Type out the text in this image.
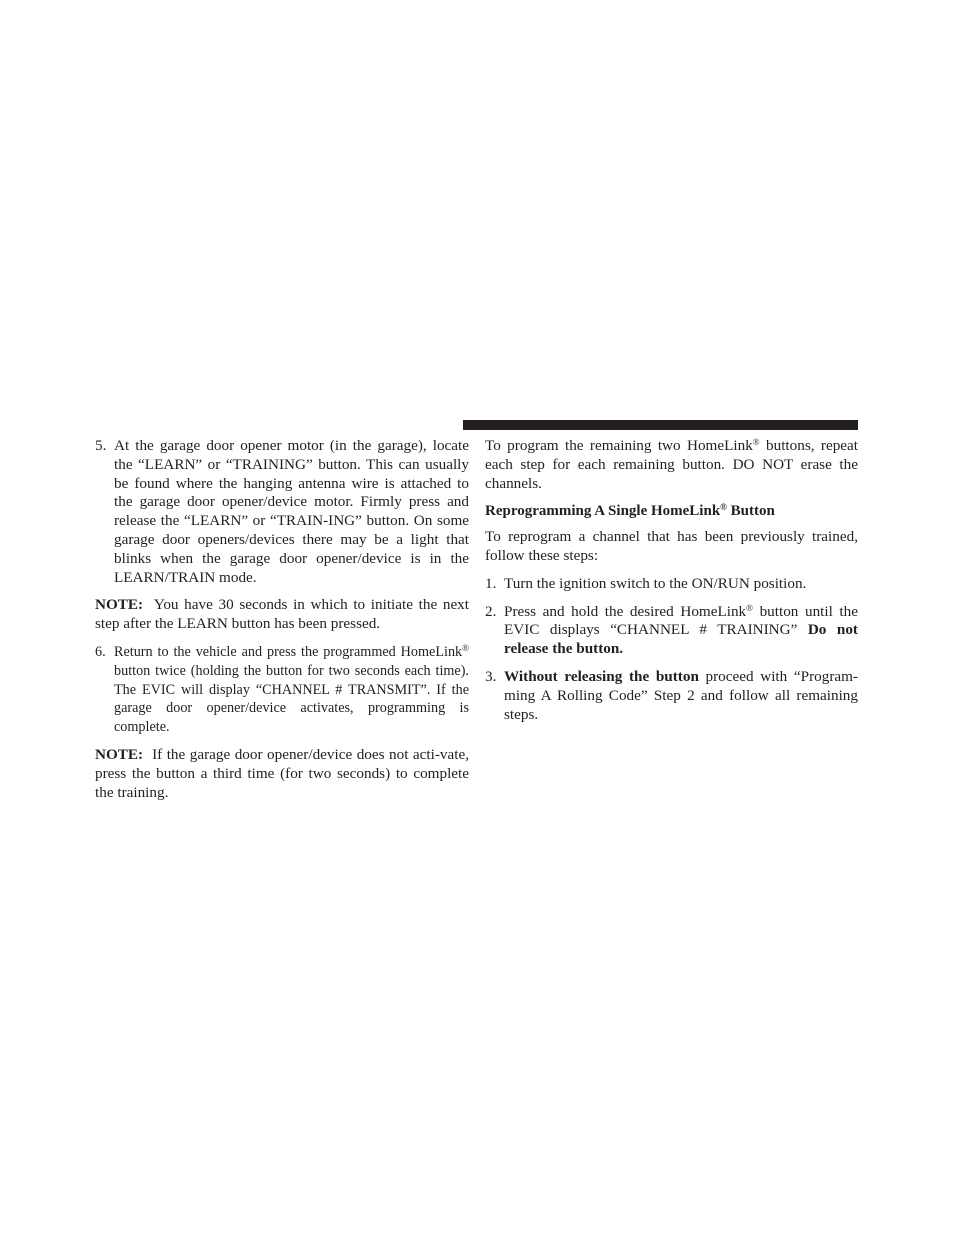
5. At the garage door opener motor (in the garage), locate the “LEARN” or “TRAINING” button. This can usually be found where the hanging antenna wire is attached to the garage door opener/device motor. Firmly press and release the “LEARN” or “TRAIN-ING” button. On some garage door openers/devices there may be a light that blinks when the garage door opener/device is in the LEARN/TRAIN mode.

NOTE: You have 30 seconds in which to initiate the next step after the LEARN button has been pressed.

6. Return to the vehicle and press the programmed HomeLink® button twice (holding the button for two seconds each time). The EVIC will display “CHANNEL # TRANSMIT”. If the garage door opener/device activates, programming is complete.

NOTE: If the garage door opener/device does not acti-vate, press the button a third time (for two seconds) to complete the training.

To program the remaining two HomeLink® buttons, repeat each step for each remaining button. DO NOT erase the channels.

Reprogramming A Single HomeLink® Button

To reprogram a channel that has been previously trained, follow these steps:

1. Turn the ignition switch to the ON/RUN position.
2. Press and hold the desired HomeLink® button until the EVIC displays “CHANNEL # TRAINING” Do not release the button.
3. Without releasing the button proceed with “Program-ming A Rolling Code” Step 2 and follow all remaining steps.
